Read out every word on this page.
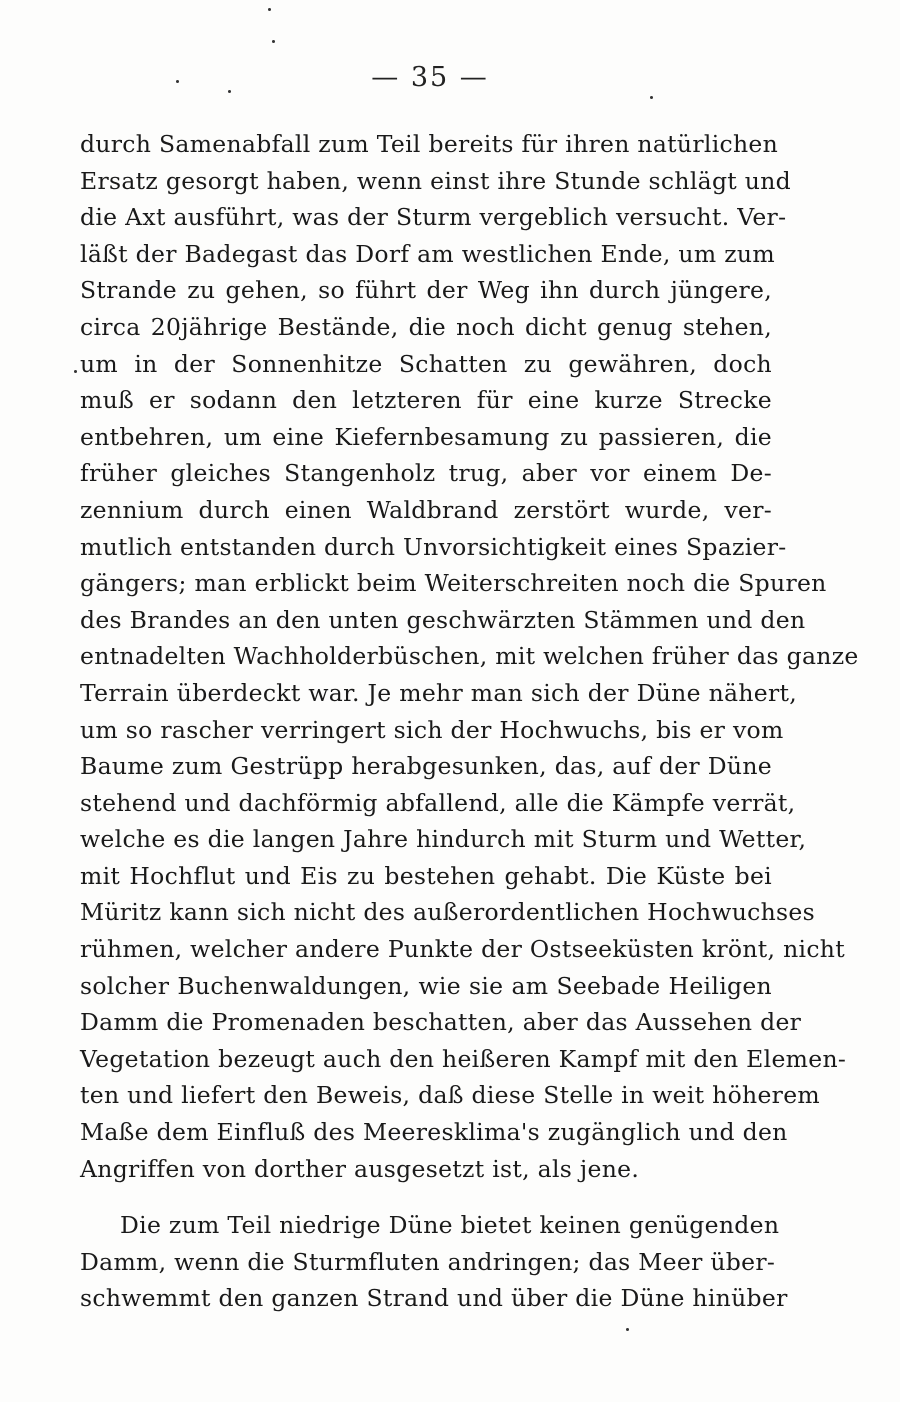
— 35 —
durch Samenabfall zum Teil bereits für ihren natürlichen
Ersatz gesorgt haben, wenn einst ihre Stunde schlägt und
die Axt ausführt, was der Sturm vergeblich versucht. Ver-
läßt der Badegast das Dorf am westlichen Ende, um zum
Strande zu gehen, so führt der Weg ihn durch jüngere,
circa 20jährige Bestände, die noch dicht genug stehen,
um in der Sonnenhitze Schatten zu gewähren, doch
muß er sodann den letzteren für eine kurze Strecke
entbehren, um eine Kiefernbesamung zu passieren, die
früher gleiches Stangenholz trug, aber vor einem De-
zennium durch einen Waldbrand zerstört wurde, ver-
mutlich entstanden durch Unvorsichtigkeit eines Spazier-
gängers; man erblickt beim Weiterschreiten noch die Spuren
des Brandes an den unten geschwärzten Stämmen und den
entnadelten Wachholderbüschen, mit welchen früher das ganze
Terrain überdeckt war. Je mehr man sich der Düne nähert,
um so rascher verringert sich der Hochwuchs, bis er vom
Baume zum Gestrüpp herabgesunken, das, auf der Düne
stehend und dachförmig abfallend, alle die Kämpfe verrät,
welche es die langen Jahre hindurch mit Sturm und Wetter,
mit Hochflut und Eis zu bestehen gehabt. Die Küste bei
Müritz kann sich nicht des außerordentlichen Hochwuchses
rühmen, welcher andere Punkte der Ostseeküsten krönt, nicht
solcher Buchenwaldungen, wie sie am Seebade Heiligen
Damm die Promenaden beschatten, aber das Aussehen der
Vegetation bezeugt auch den heißeren Kampf mit den Elemen-
ten und liefert den Beweis, daß diese Stelle in weit höherem
Maße dem Einfluß des Meeresklima's zugänglich und den
Angriffen von dorther ausgesetzt ist, als jene.
Die zum Teil niedrige Düne bietet keinen genügenden
Damm, wenn die Sturmfluten andringen; das Meer über-
schwemmt den ganzen Strand und über die Düne hinüber
